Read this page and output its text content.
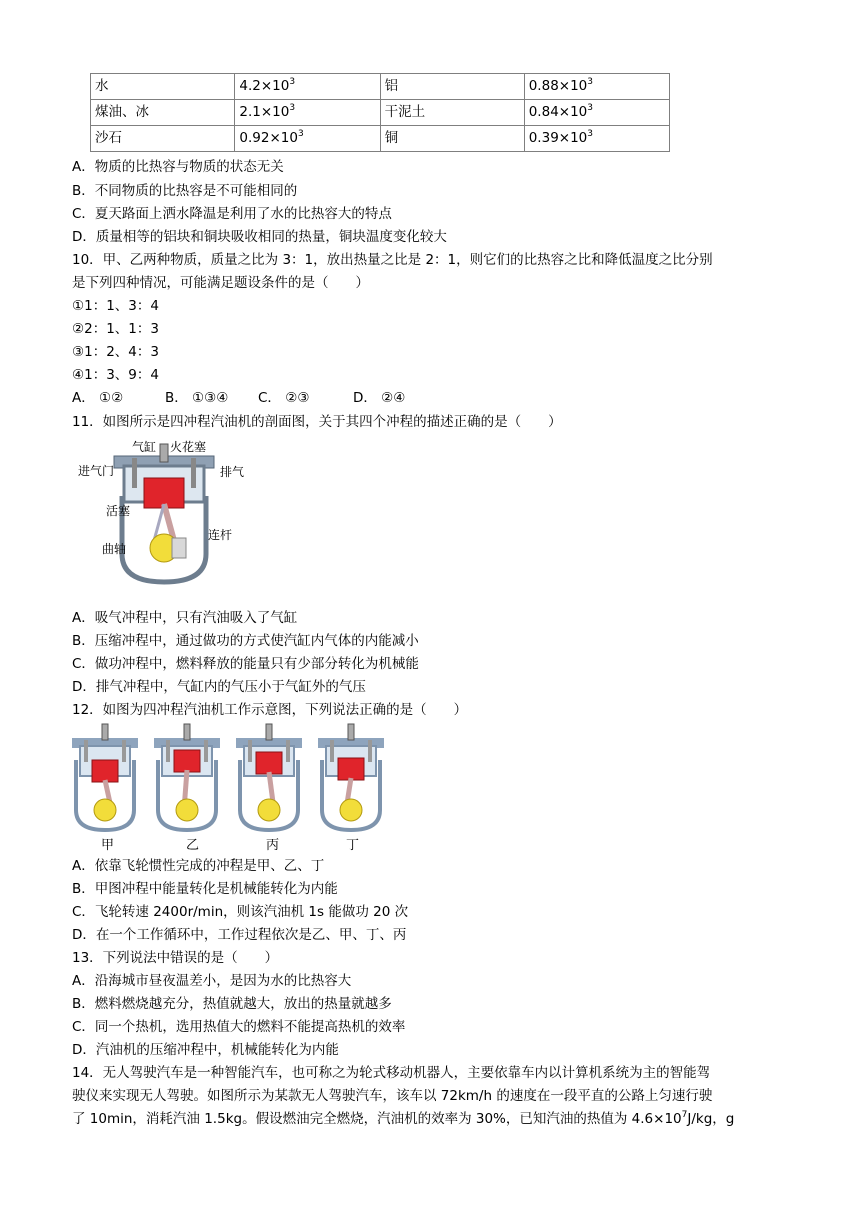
水	$4.2\times 10^3$	铝	$0.88\times 10^3$
煤油、冰	$2.1\times 10^3$	干泥土	$0.84\times 10^3$
沙石	$0.92\times 10^3$	铜	$0.39\times 10^3$
A．物质的比热容与物质的状态无关
B．不同物质的比热容是不可能相同的
C．夏天路面上洒水降温是利用了水的比热容大的特点
D．质量相等的铝块和铜块吸收相同的热量，铜块温度变化较大
10．甲、乙两种物质，质量之比为 3：1，放出热量之比是 2：1，则它们的比热容之比和降低温度之比分别
是下列四种情况，可能满足题设条件的是（　　）
①1：1、3：4
②2：1、1：3
③1：2、4：3
④1：3、9：4
A． ①②	B． ①③④ C． ②③	D． ②④
11．如图所示是四冲程汽油机的剖面图，关于其四个冲程的描述正确的是（　　）
气缸 火花塞
进气门	排气
活塞
连杆
曲轴
A．吸气冲程中，只有汽油吸入了气缸
B．压缩冲程中，通过做功的方式使汽缸内气体的内能减小
C．做功冲程中，燃料释放的能量只有少部分转化为机械能
D．排气冲程中，气缸内的气压小于气缸外的气压
12．如图为四冲程汽油机工作示意图，下列说法正确的是（　　）
甲	乙	丙	丁
A．依靠飞轮惯性完成的冲程是甲、乙、丁
B．甲图冲程中能量转化是机械能转化为内能
C．飞轮转速 2400r/min，则该汽油机 1s 能做功 20 次
D．在一个工作循环中，工作过程依次是乙、甲、丁、丙
13．下列说法中错误的是（　　）
A．沿海城市昼夜温差小，是因为水的比热容大
B．燃料燃烧越充分，热值就越大，放出的热量就越多
C．同一个热机，选用热值大的燃料不能提高热机的效率
D．汽油机的压缩冲程中，机械能转化为内能
14．无人驾驶汽车是一种智能汽车，也可称之为轮式移动机器人，主要依靠车内以计算机系统为主的智能驾
驶仪来实现无人驾驶。如图所示为某款无人驾驶汽车，该车以 72km/h 的速度在一段平直的公路上匀速行驶
了 10min，消耗汽油 1.5kg。假设燃油完全燃烧，汽油机的效率为 30%，已知汽油的热值为 $4.6\times 10^7J/kg$，g
